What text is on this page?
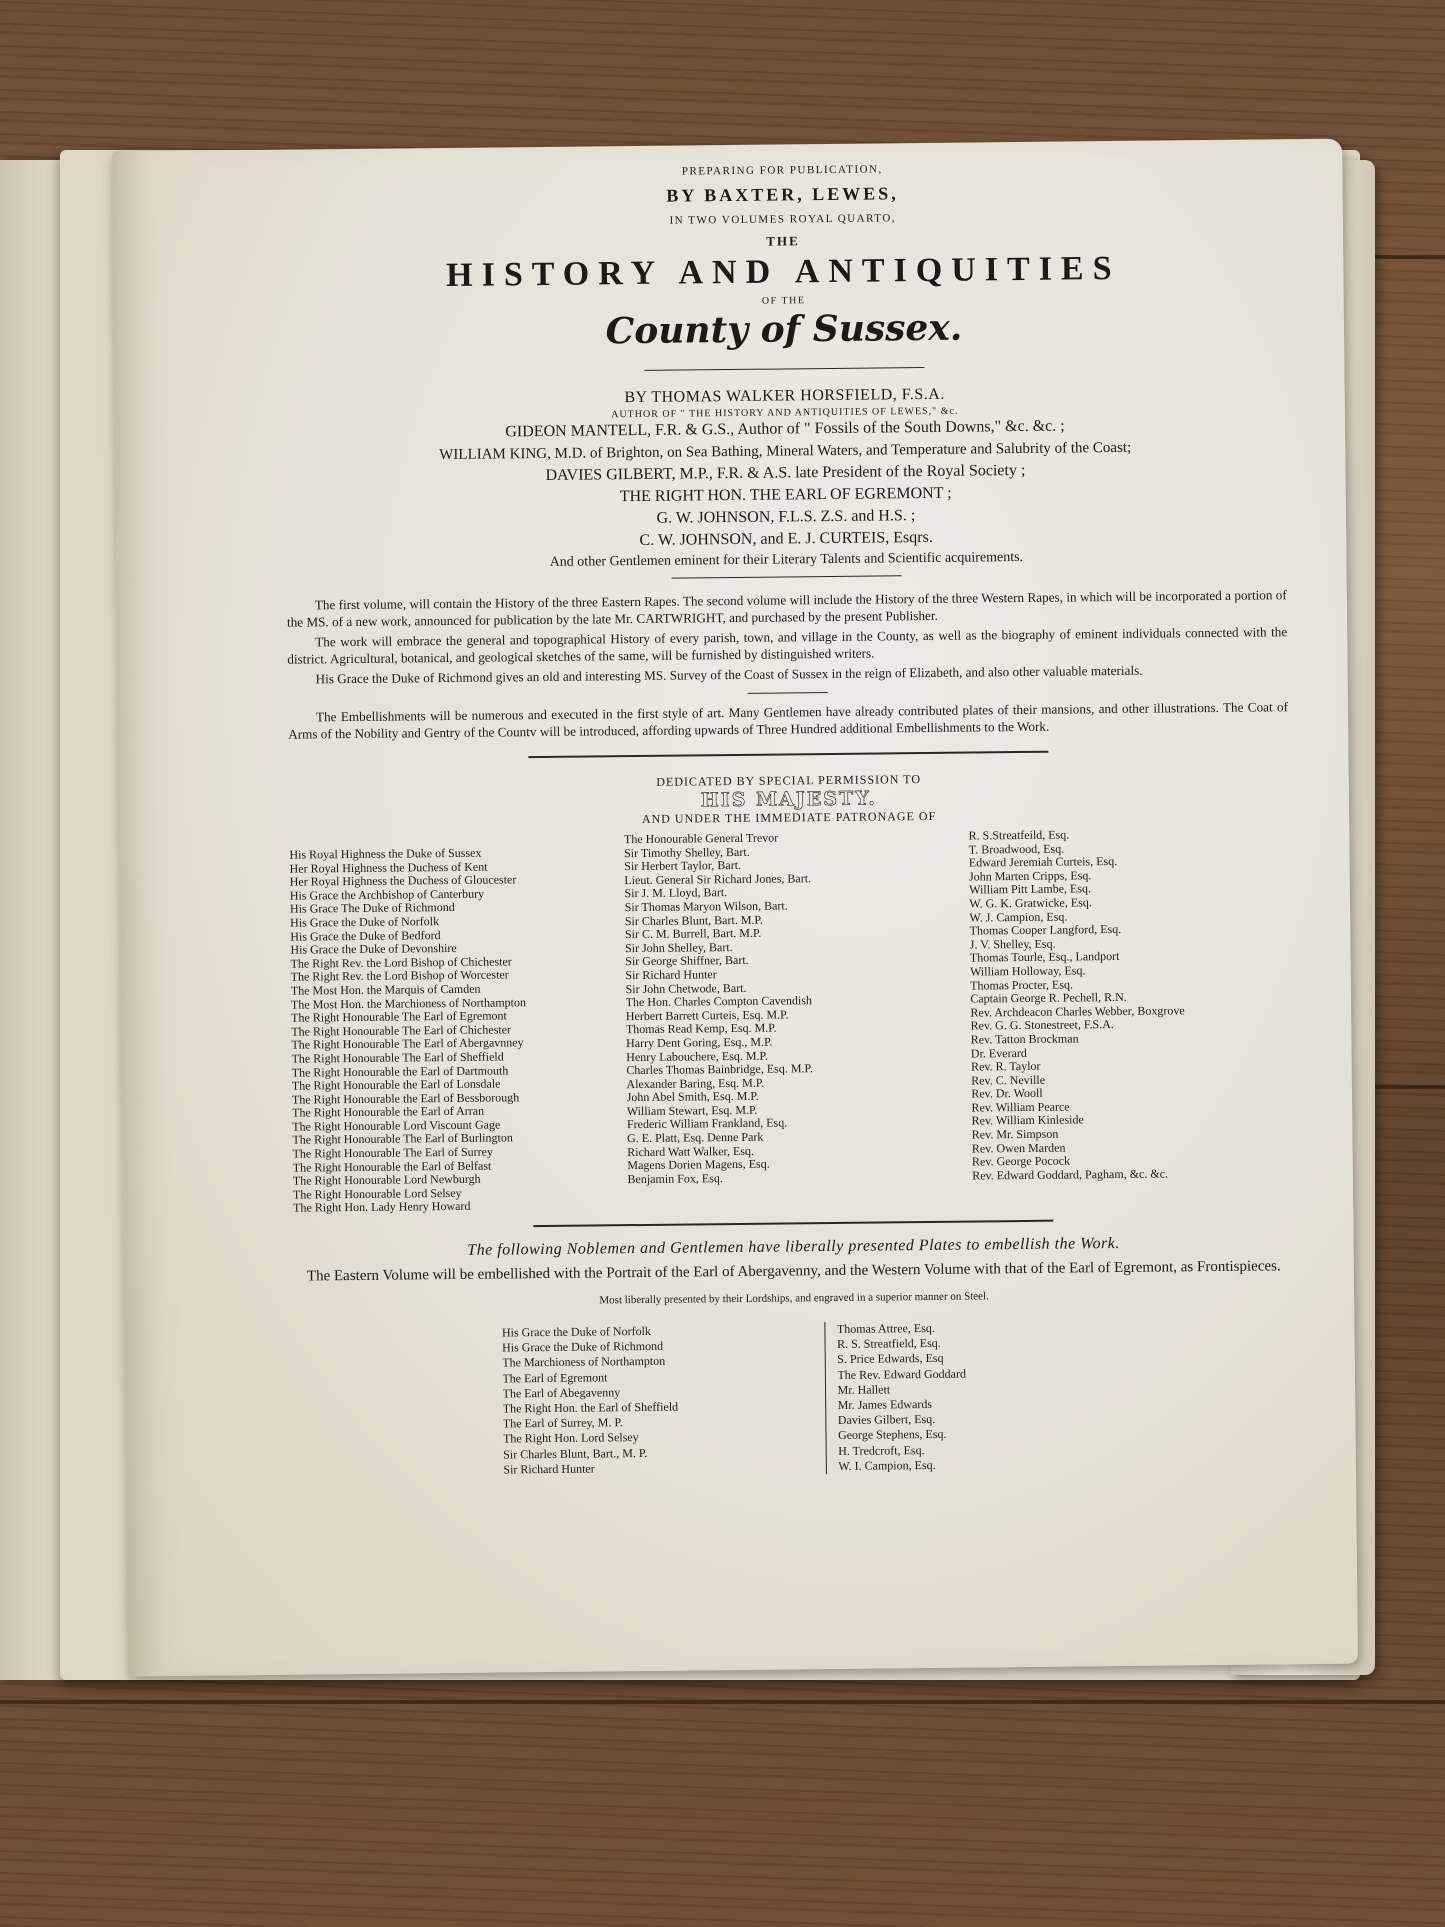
PREPARING FOR PUBLICATION,
BY BAXTER, LEWES,
IN TWO VOLUMES ROYAL QUARTO,
THE
HISTORY AND ANTIQUITIES
OF THE
County of Sussex.
BY THOMAS WALKER HORSFIELD, F.S.A.
AUTHOR OF " THE HISTORY AND ANTIQUITIES OF LEWES," &c.
GIDEON MANTELL, F.R. & G.S., Author of " Fossils of the South Downs," &c. &c. ;
WILLIAM KING, M.D. of Brighton, on Sea Bathing, Mineral Waters, and Temperature and Salubrity of the Coast;
DAVIES GILBERT, M.P., F.R. & A.S. late President of the Royal Society ;
THE RIGHT HON. THE EARL OF EGREMONT ;
G. W. JOHNSON, F.L.S. Z.S. and H.S. ;
C. W. JOHNSON, and E. J. CURTEIS, Esqrs.
And other Gentlemen eminent for their Literary Talents and Scientific acquirements.

The first volume, will contain the History of the three Eastern Rapes. The second volume will include the History of the three Western Rapes, in which will be incorporated a portion of the MS. of a new work, announced for publication by the late Mr. CARTWRIGHT, and purchased by the present Publisher.

The work will embrace the general and topographical History of every parish, town, and village in the County, as well as the biography of eminent individuals connected with the district. Agricultural, botanical, and geological sketches of the same, will be furnished by distinguished writers.

His Grace the Duke of Richmond gives an old and interesting MS. Survey of the Coast of Sussex in the reign of Elizabeth, and also other valuable materials.

The Embellishments will be numerous and executed in the first style of art. Many Gentlemen have already contributed plates of their mansions, and other illustrations. The Coat of Arms of the Nobility and Gentry of the Countv will be introduced, affording upwards of Three Hundred additional Embellishments to the Work.

DEDICATED BY SPECIAL PERMISSION TO
HIS MAJESTY.
AND UNDER THE IMMEDIATE PATRONAGE OF
His Royal Highness the Duke of Sussex
Her Royal Highness the Duchess of Kent
Her Royal Highness the Duchess of Gloucester
His Grace the Archbishop of Canterbury
His Grace The Duke of Richmond
His Grace the Duke of Norfolk
His Grace the Duke of Bedford
His Grace the Duke of Devonshire
The Right Rev. the Lord Bishop of Chichester
The Right Rev. the Lord Bishop of Worcester
The Most Hon. the Marquis of Camden
The Most Hon. the Marchioness of Northampton
The Right Honourable The Earl of Egremont
The Right Honourable The Earl of Chichester
The Right Honourable The Earl of Abergavnney
The Right Honourable The Earl of Sheffield
The Right Honourable the Earl of Dartmouth
The Right Honourable the Earl of Lonsdale
The Right Honourable the Earl of Bessborough
The Right Honourable the Earl of Arran
The Right Honourable Lord Viscount Gage
The Right Honourable The Earl of Burlington
The Right Honourable The Earl of Surrey
The Right Honourable the Earl of Belfast
The Right Honourable Lord Newburgh
The Right Honourable Lord Selsey
The Right Hon. Lady Henry Howard
The Honourable General Trevor
Sir Timothy Shelley, Bart.
Sir Herbert Taylor, Bart.
Lieut. General Sir Richard Jones, Bart.
Sir J. M. Lloyd, Bart.
Sir Thomas Maryon Wilson, Bart.
Sir Charles Blunt, Bart. M.P.
Sir C. M. Burrell, Bart. M.P.
Sir John Shelley, Bart.
Sir George Shiffner, Bart.
Sir Richard Hunter
Sir John Chetwode, Bart.
The Hon. Charles Compton Cavendish
Herbert Barrett Curteis, Esq. M.P.
Thomas Read Kemp, Esq. M.P.
Harry Dent Goring, Esq., M.P.
Henry Labouchere, Esq. M.P.
Charles Thomas Bainbridge, Esq. M.P.
Alexander Baring, Esq. M.P.
John Abel Smith, Esq. M.P.
William Stewart, Esq. M.P.
Frederic William Frankland, Esq.
G. E. Platt, Esq. Denne Park
Richard Watt Walker, Esq.
Magens Dorien Magens, Esq.
Benjamin Fox, Esq.
R. S.Streatfeild, Esq.
T. Broadwood, Esq.
Edward Jeremiah Curteis, Esq.
John Marten Cripps, Esq.
William Pitt Lambe, Esq.
W. G. K. Gratwicke, Esq.
W. J. Campion, Esq.
Thomas Cooper Langford, Esq.
J. V. Shelley, Esq.
Thomas Tourle, Esq., Landport
William Holloway, Esq.
Thomas Procter, Esq.
Captain George R. Pechell, R.N.
Rev. Archdeacon Charles Webber, Boxgrove
Rev. G. G. Stonestreet, F.S.A.
Rev. Tatton Brockman
Dr. Everard
Rev. R. Taylor
Rev. C. Neville
Rev. Dr. Wooll
Rev. William Pearce
Rev. William Kinleside
Rev. Mr. Simpson
Rev. Owen Marden
Rev. George Pocock
Rev. Edward Goddard, Pagham, &c. &c.
The following Noblemen and Gentlemen have liberally presented Plates to embellish the Work.
The Eastern Volume will be embellished with the Portrait of the Earl of Abergavenny, and the Western Volume with that of the Earl of Egremont, as Frontispieces.
Most liberally presented by their Lordships, and engraved in a superior manner on Steel.
His Grace the Duke of Norfolk
His Grace the Duke of Richmond
The Marchioness of Northampton
The Earl of Egremont
The Earl of Abegavenny
The Right Hon. the Earl of Sheffield
The Earl of Surrey, M. P.
The Right Hon. Lord Selsey
Sir Charles Blunt, Bart., M. P.
Sir Richard Hunter
Thomas Attree, Esq.
R. S. Streatfield, Esq.
S. Price Edwards, Esq
The Rev. Edward Goddard
Mr. Hallett
Mr. James Edwards
Davies Gilbert, Esq.
George Stephens, Esq.
H. Tredcroft, Esq.
W. I. Campion, Esq.
